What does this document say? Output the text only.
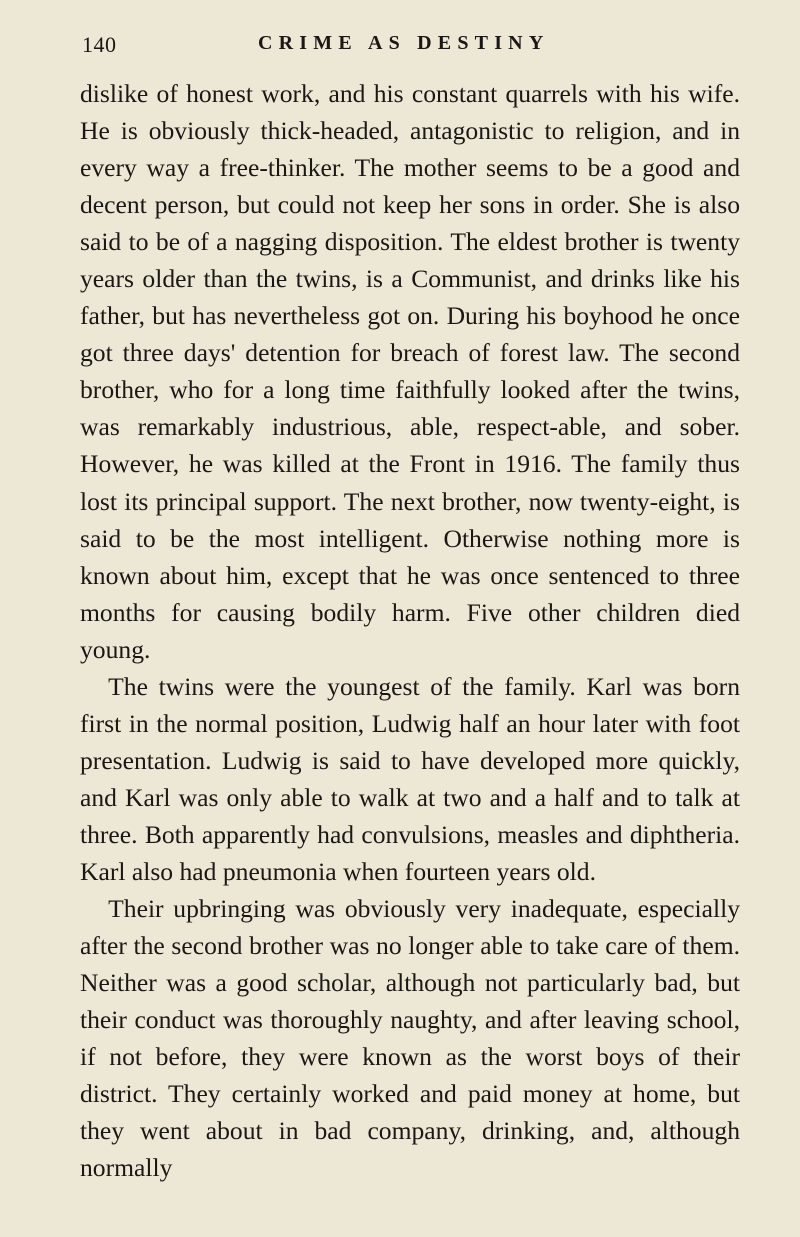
140	CRIME AS DESTINY

dislike of honest work, and his constant quarrels with his wife. He is obviously thick-headed, antagonistic to religion, and in every way a free-thinker. The mother seems to be a good and decent person, but could not keep her sons in order. She is also said to be of a nagging disposition. The eldest brother is twenty years older than the twins, is a Communist, and drinks like his father, but has nevertheless got on. During his boyhood he once got three days' detention for breach of forest law. The second brother, who for a long time faithfully looked after the twins, was remarkably industrious, able, respect-able, and sober. However, he was killed at the Front in 1916. The family thus lost its principal support. The next brother, now twenty-eight, is said to be the most intelligent. Otherwise nothing more is known about him, except that he was once sentenced to three months for causing bodily harm. Five other children died young.

The twins were the youngest of the family. Karl was born first in the normal position, Ludwig half an hour later with foot presentation. Ludwig is said to have developed more quickly, and Karl was only able to walk at two and a half and to talk at three. Both apparently had convulsions, measles and diphtheria. Karl also had pneumonia when fourteen years old.

Their upbringing was obviously very inadequate, especially after the second brother was no longer able to take care of them. Neither was a good scholar, although not particularly bad, but their conduct was thoroughly naughty, and after leaving school, if not before, they were known as the worst boys of their district. They certainly worked and paid money at home, but they went about in bad company, drinking, and, although normally
